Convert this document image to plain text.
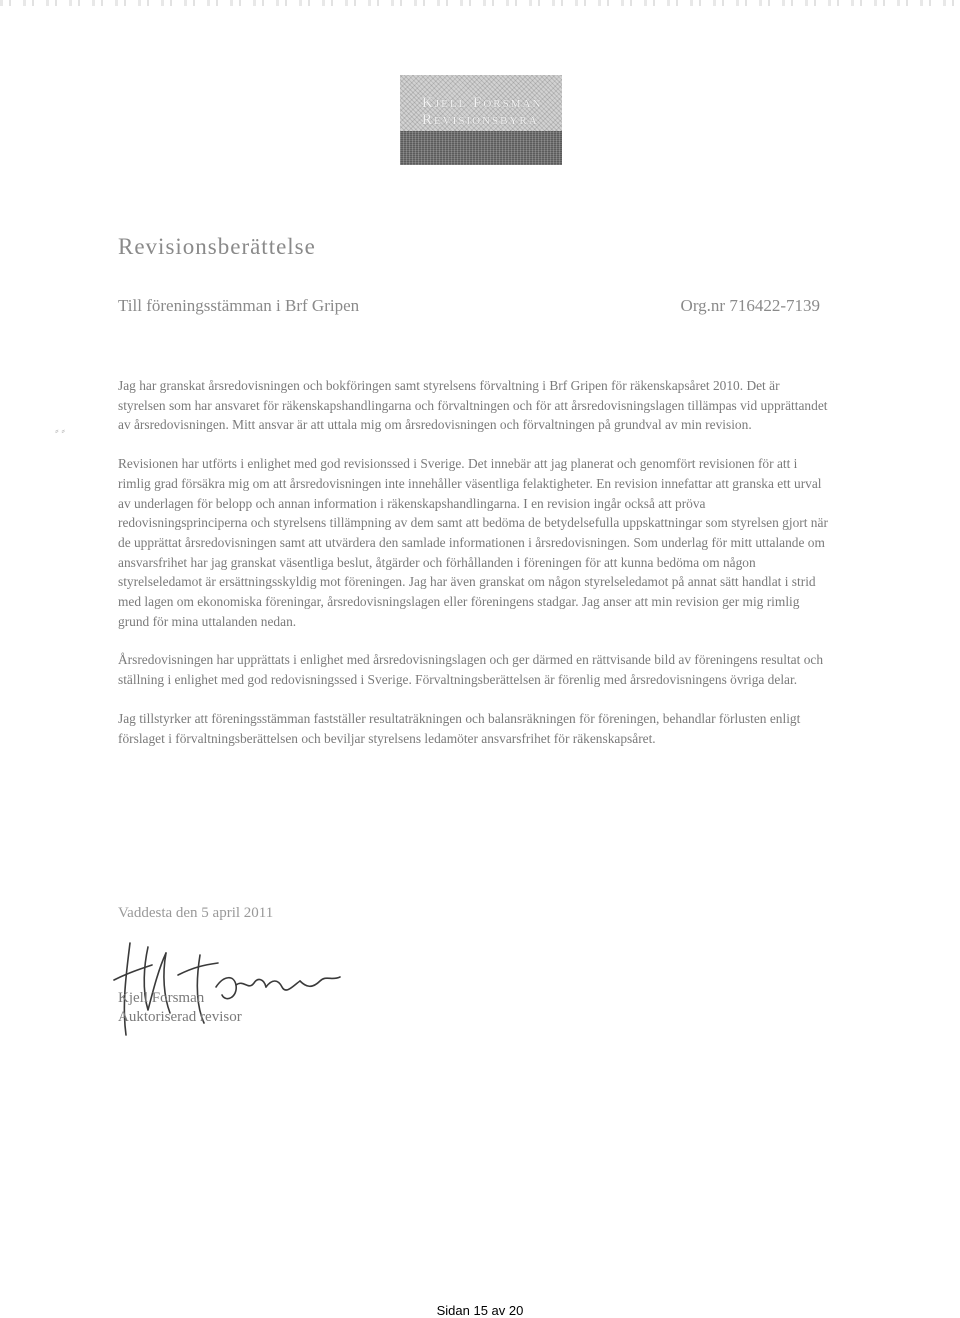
Kjell Forsman
Revisionsbyrå
Revisionsberättelse
Till föreningsstämman i Brf Gripen	Org.nr 716422-7139
⸗ ⸗

Jag har granskat årsredovisningen och bokföringen samt styrelsens förvaltning i Brf Gripen för räkenskapsåret 2010. Det är styrelsen som har ansvaret för räkenskapshandlingarna och förvaltningen och för att årsredovisningslagen tillämpas vid upprättandet av årsredovisningen. Mitt ansvar är att uttala mig om årsredovisningen och förvaltningen på grundval av min revision.

Revisionen har utförts i enlighet med god revisionssed i Sverige. Det innebär att jag planerat och genomfört revisionen för att i rimlig grad försäkra mig om att årsredovisningen inte innehåller väsentliga felaktigheter. En revision innefattar att granska ett urval av underlagen för belopp och annan information i räkenskapshandlingarna. I en revision ingår också att pröva redovisningsprinciperna och styrelsens tillämpning av dem samt att bedöma de betydelsefulla uppskattningar som styrelsen gjort när de upprättat årsredovisningen samt att utvärdera den samlade informationen i årsredovisningen. Som underlag för mitt uttalande om ansvarsfrihet har jag granskat väsentliga beslut, åtgärder och förhållanden i föreningen för att kunna bedöma om någon styrelseledamot är ersättningsskyldig mot föreningen. Jag har även granskat om någon styrelseledamot på annat sätt handlat i strid med lagen om ekonomiska föreningar, årsredovisningslagen eller föreningens stadgar. Jag anser att min revision ger mig rimlig grund för mina uttalanden nedan.

Årsredovisningen har upprättats i enlighet med årsredovisningslagen och ger därmed en rättvisande bild av föreningens resultat och ställning i enlighet med god redovisningssed i Sverige. Förvaltningsberättelsen är förenlig med årsredovisningens övriga delar.

Jag tillstyrker att föreningsstämman fastställer resultaträkningen och balansräkningen för föreningen, behandlar förlusten enligt förslaget i förvaltningsberättelsen och beviljar styrelsens ledamöter ansvarsfrihet för räkenskapsåret.

Vaddesta den 5 april 2011
Kjell Forsman
Auktoriserad revisor
Sidan 15 av 20
